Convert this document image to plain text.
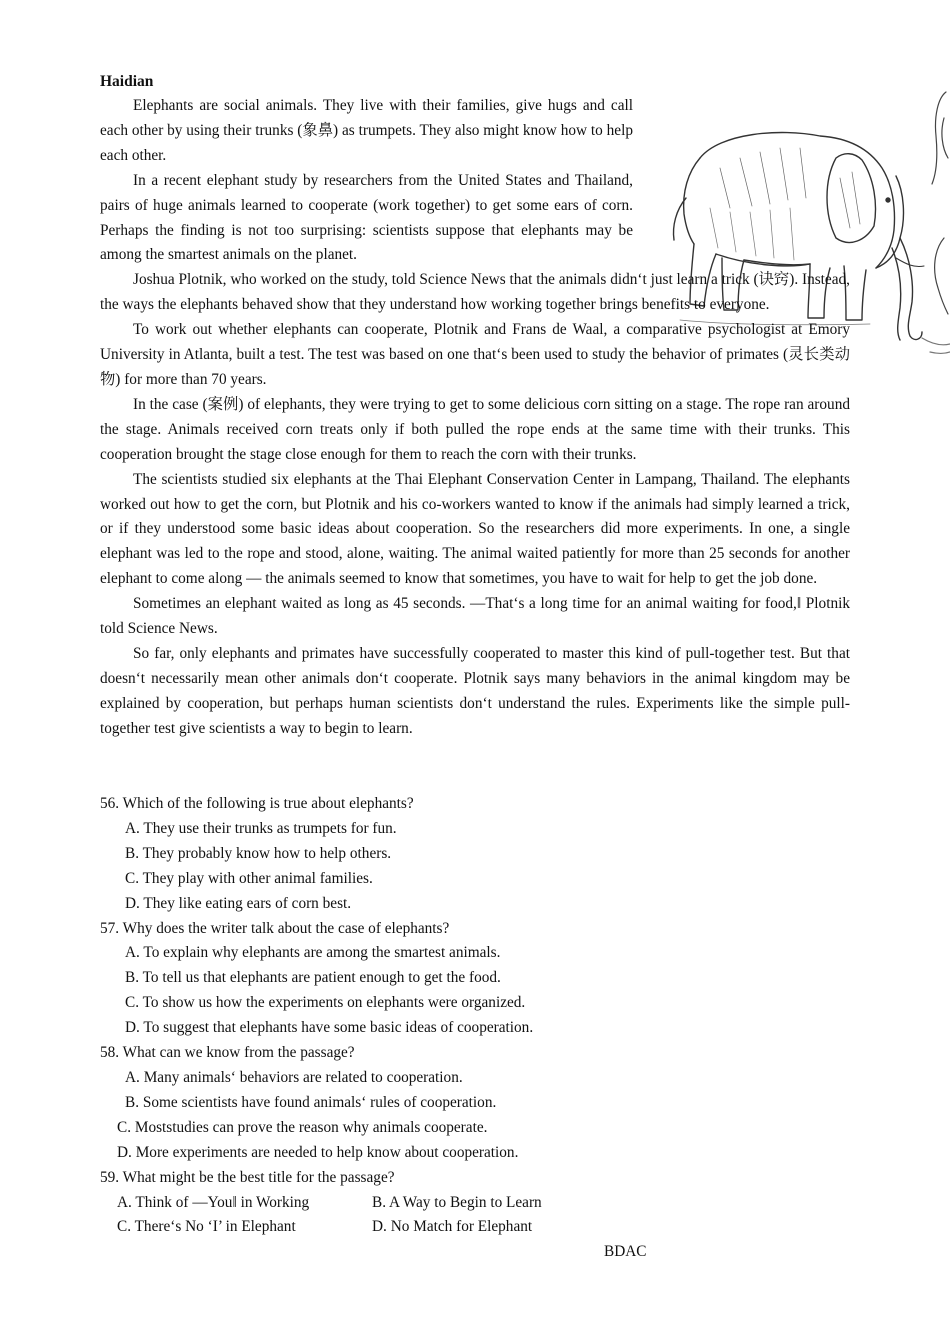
Haidian

Elephants are social animals. They live with their families, give hugs and call each other by using their trunks (象鼻) as trumpets. They also might know how to help each other.

In a recent elephant study by researchers from the United States and Thailand, pairs of huge animals learned to cooperate (work together) to get some ears of corn. Perhaps the finding is not too surprising: scientists suppose that elephants may be among the smartest animals on the planet.

Joshua Plotnik, who worked on the study, told Science News that the animals didn‘t just learn a trick (诀窍). Instead, the ways the elephants behaved show that they understand how working together brings benefits to everyone.

To work out whether elephants can cooperate, Plotnik and Frans de Waal, a comparative psychologist at Emory University in Atlanta, built a test. The test was based on one that‘s been used to study the behavior of primates (灵长类动物) for more than 70 years.

In the case (案例) of elephants, they were trying to get to some delicious corn sitting on a stage. The rope ran around the stage. Animals received corn treats only if both pulled the rope ends at the same time with their trunks. This cooperation brought the stage close enough for them to reach the corn with their trunks.

The scientists studied six elephants at the Thai Elephant Conservation Center in Lampang, Thailand. The elephants worked out how to get the corn, but Plotnik and his co-workers wanted to know if the animals had simply learned a trick, or if they understood some basic ideas about cooperation. So the researchers did more experiments. In one, a single elephant was led to the rope and stood, alone, waiting. The animal waited patiently for more than 25 seconds for another elephant to come along — the animals seemed to know that sometimes, you have to wait for help to get the job done.

Sometimes an elephant waited as long as 45 seconds. ―That‘s a long time for an animal waiting for food,‖ Plotnik told Science News.

So far, only elephants and primates have successfully cooperated to master this kind of pull-together test. But that doesn‘t necessarily mean other animals don‘t cooperate. Plotnik says many behaviors in the animal kingdom may be explained by cooperation, but perhaps human scientists don‘t understand the rules. Experiments like the simple pull-together test give scientists a way to begin to learn.

56. Which of the following is true about elephants?

A. They use their trunks as trumpets for fun.

B. They probably know how to help others.

C. They play with other animal families.

D. They like eating ears of corn best.

57. Why does the writer talk about the case of elephants?

A. To explain why elephants are among the smartest animals.

B. To tell us that elephants are patient enough to get the food.

C. To show us how the experiments on elephants were organized.

D. To suggest that elephants have some basic ideas of cooperation.

58. What can we know from the passage?

A. Many animals‘ behaviors are related to cooperation.

B. Some scientists have found animals‘ rules of cooperation.

C. Moststudies can prove the reason why animals cooperate.

D. More experiments are needed to help know about cooperation.

59. What might be the best title for the passage?

A. Think of ―You‖ in Working	B. A Way to Begin to Learn
C. There‘s No ‘I’ in Elephant	D. No Match for Elephant
BDAC
